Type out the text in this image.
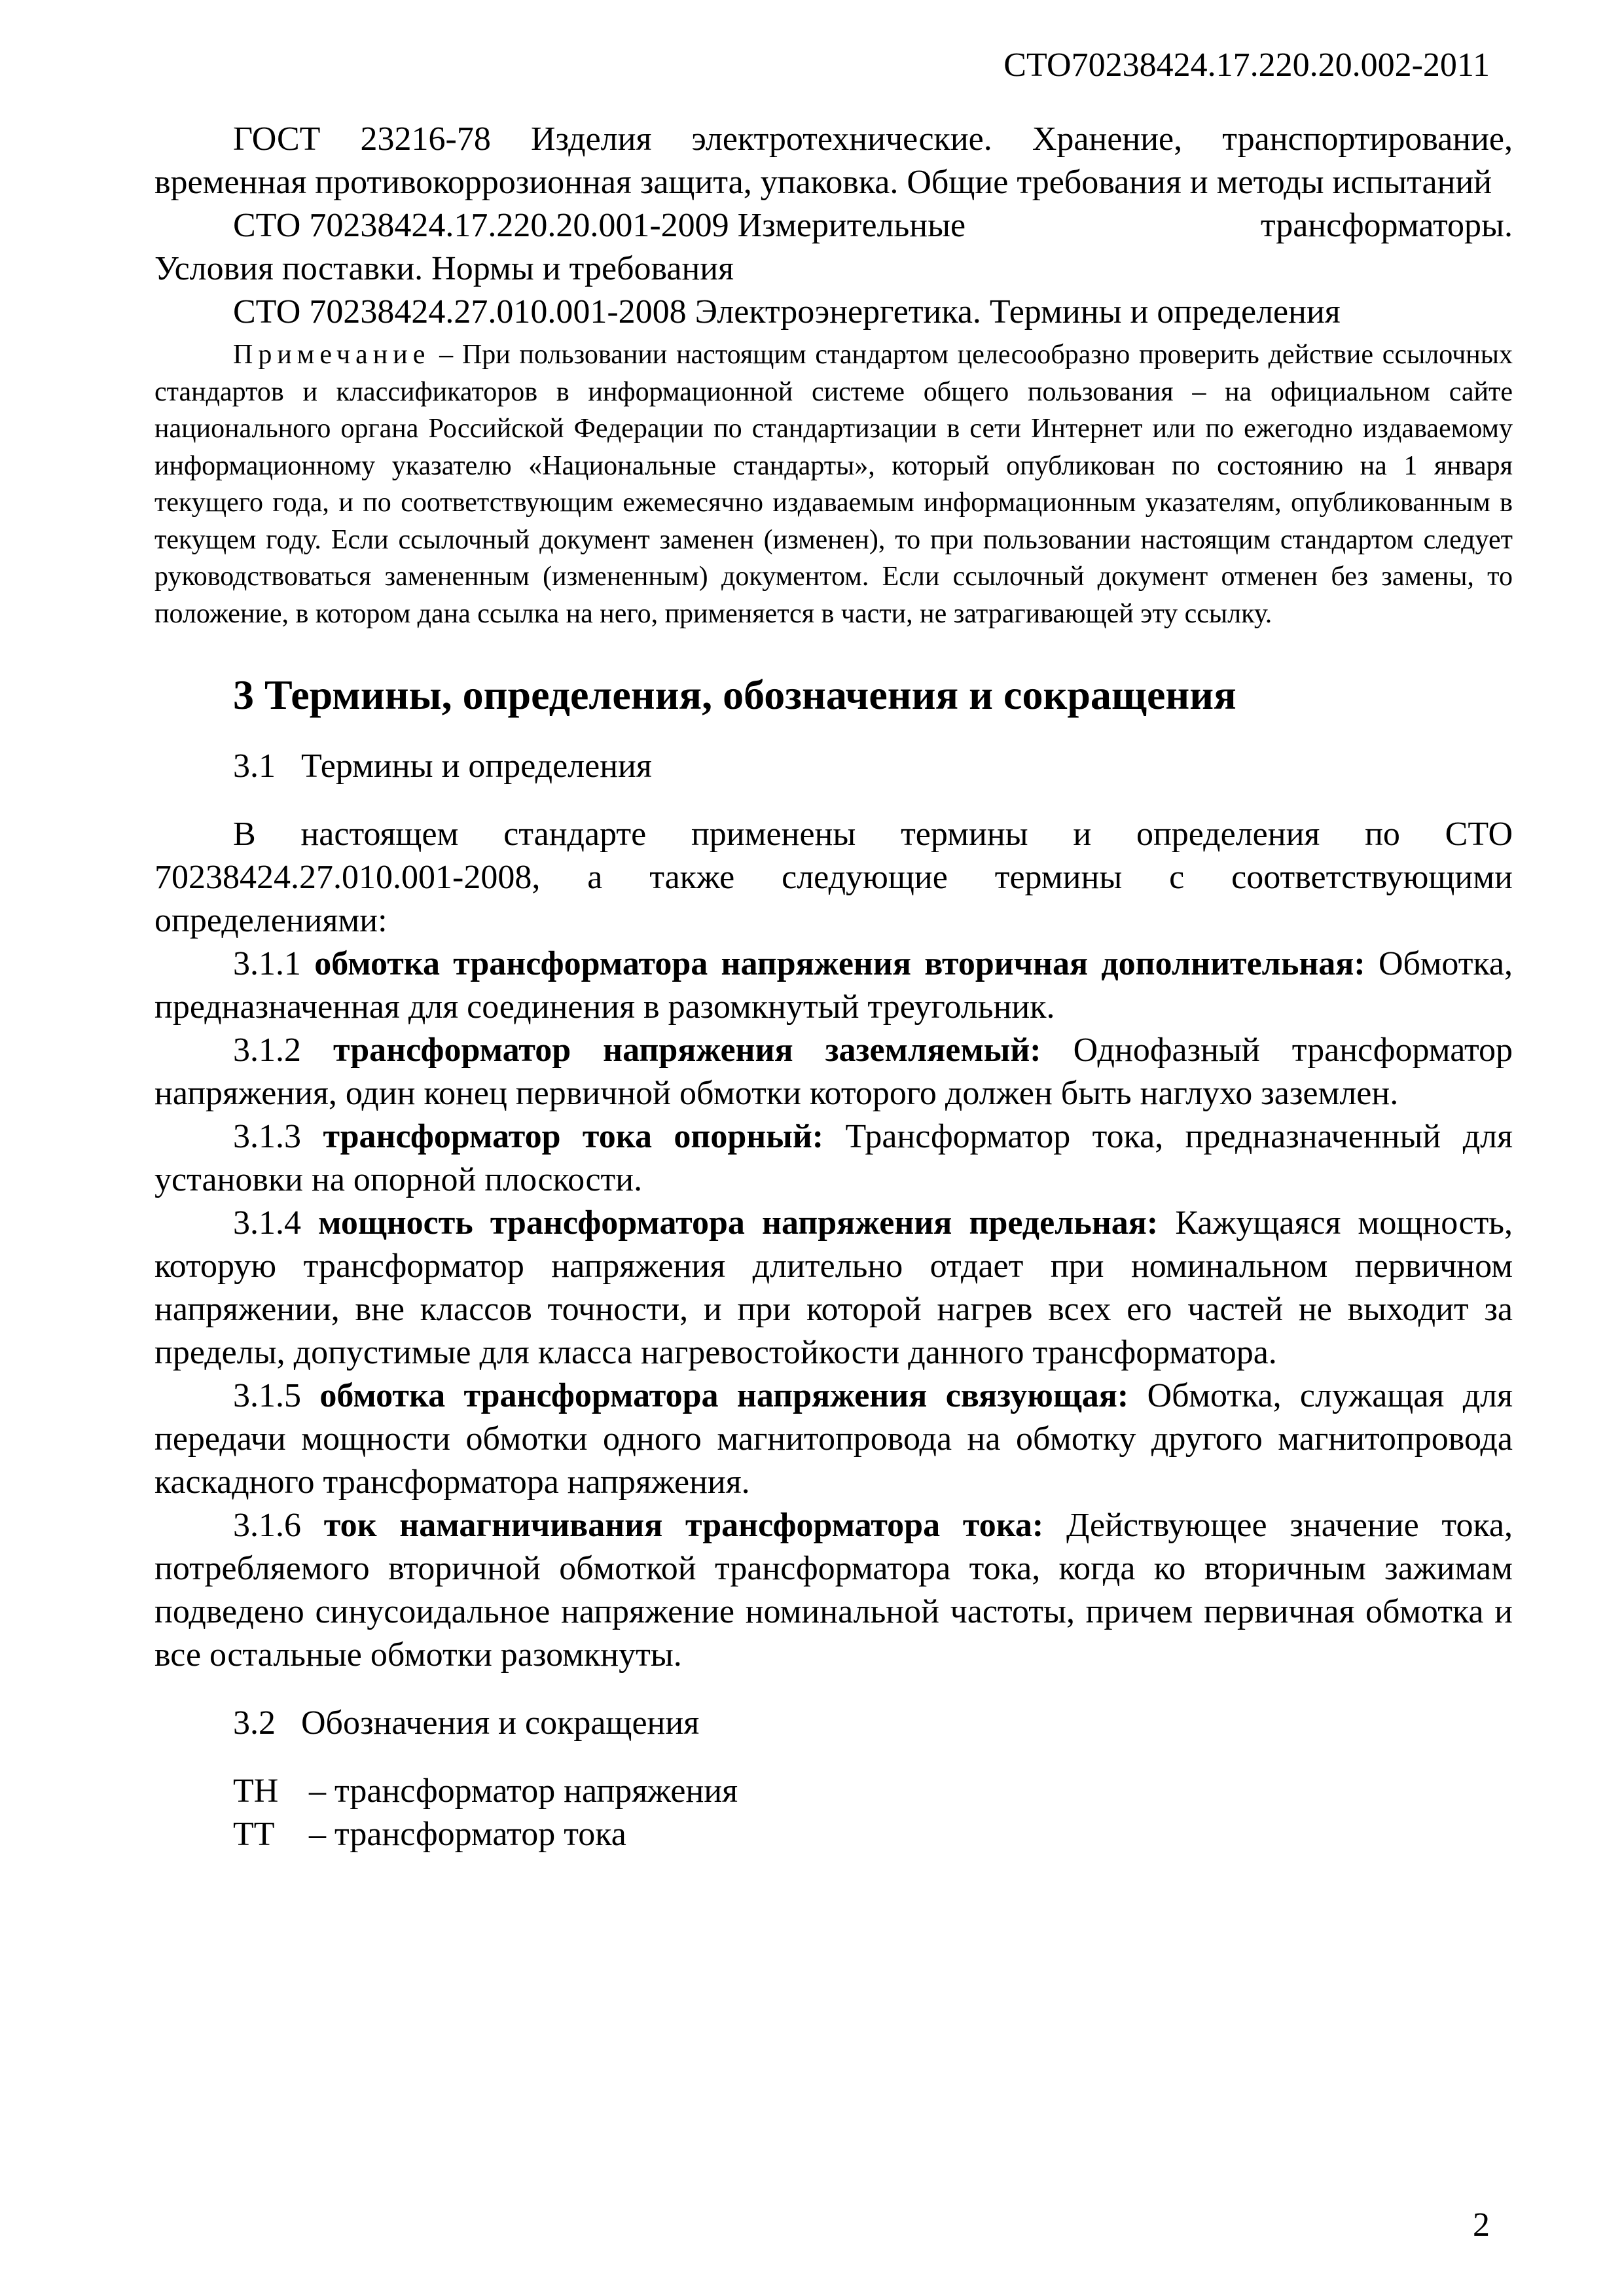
СТО70238424.17.220.20.002-2011

ГОСТ 23216-78 Изделия электротехнические. Хранение, транспортирование, временная противокоррозионная защита, упаковка. Общие требования и методы испытаний

СТО 70238424.17.220.20.001-2009 Измерительные	трансформаторы.

Условия поставки. Нормы и требования

СТО 70238424.27.010.001-2008 Электроэнергетика. Термины и определения

Примечание – При пользовании настоящим стандартом целесообразно проверить действие ссылочных стандартов и классификаторов в информационной системе общего пользования – на официальном сайте национального органа Российской Федерации по стандартизации в сети Интернет или по ежегодно издаваемому информационному указателю «Национальные стандарты», который опубликован по состоянию на 1 января текущего года, и по соответствующим ежемесячно издаваемым информационным указателям, опубликованным в текущем году. Если ссылочный документ заменен (изменен), то при пользовании настоящим стандартом следует руководствоваться замененным (измененным) документом. Если ссылочный документ отменен без замены, то положение, в котором дана ссылка на него, применяется в части, не затрагивающей эту ссылку.

3 Термины, определения, обозначения и сокращения

3.1   Термины и определения

В настоящем стандарте применены термины и определения по СТО 70238424.27.010.001-2008, а также следующие термины с соответствующими определениями:

3.1.1 обмотка трансформатора напряжения вторичная дополнительная: Обмотка, предназначенная для соединения в разомкнутый треугольник.

3.1.2 трансформатор напряжения заземляемый: Однофазный трансформатор напряжения, один конец первичной обмотки которого должен быть наглухо заземлен.

3.1.3 трансформатор тока опорный: Трансформатор тока, предназначенный для установки на опорной плоскости.

3.1.4 мощность трансформатора напряжения предельная: Кажущаяся мощность, которую трансформатор напряжения длительно отдает при номинальном первичном напряжении, вне классов точности, и при которой нагрев всех его частей не выходит за пределы, допустимые для класса нагревостойкости данного трансформатора.

3.1.5 обмотка трансформатора напряжения связующая: Обмотка, служащая для передачи мощности обмотки одного магнитопровода на обмотку другого магнитопровода каскадного трансформатора напряжения.

3.1.6 ток намагничивания трансформатора тока: Действующее значение тока, потребляемого вторичной обмоткой трансформатора тока, когда ко вторичным зажимам подведено синусоидальное напряжение номинальной частоты, причем первичная обмотка и все остальные обмотки разомкнуты.

3.2   Обозначения и сокращения

ТН – трансформатор напряжения
ТТ – трансформатор тока
2
